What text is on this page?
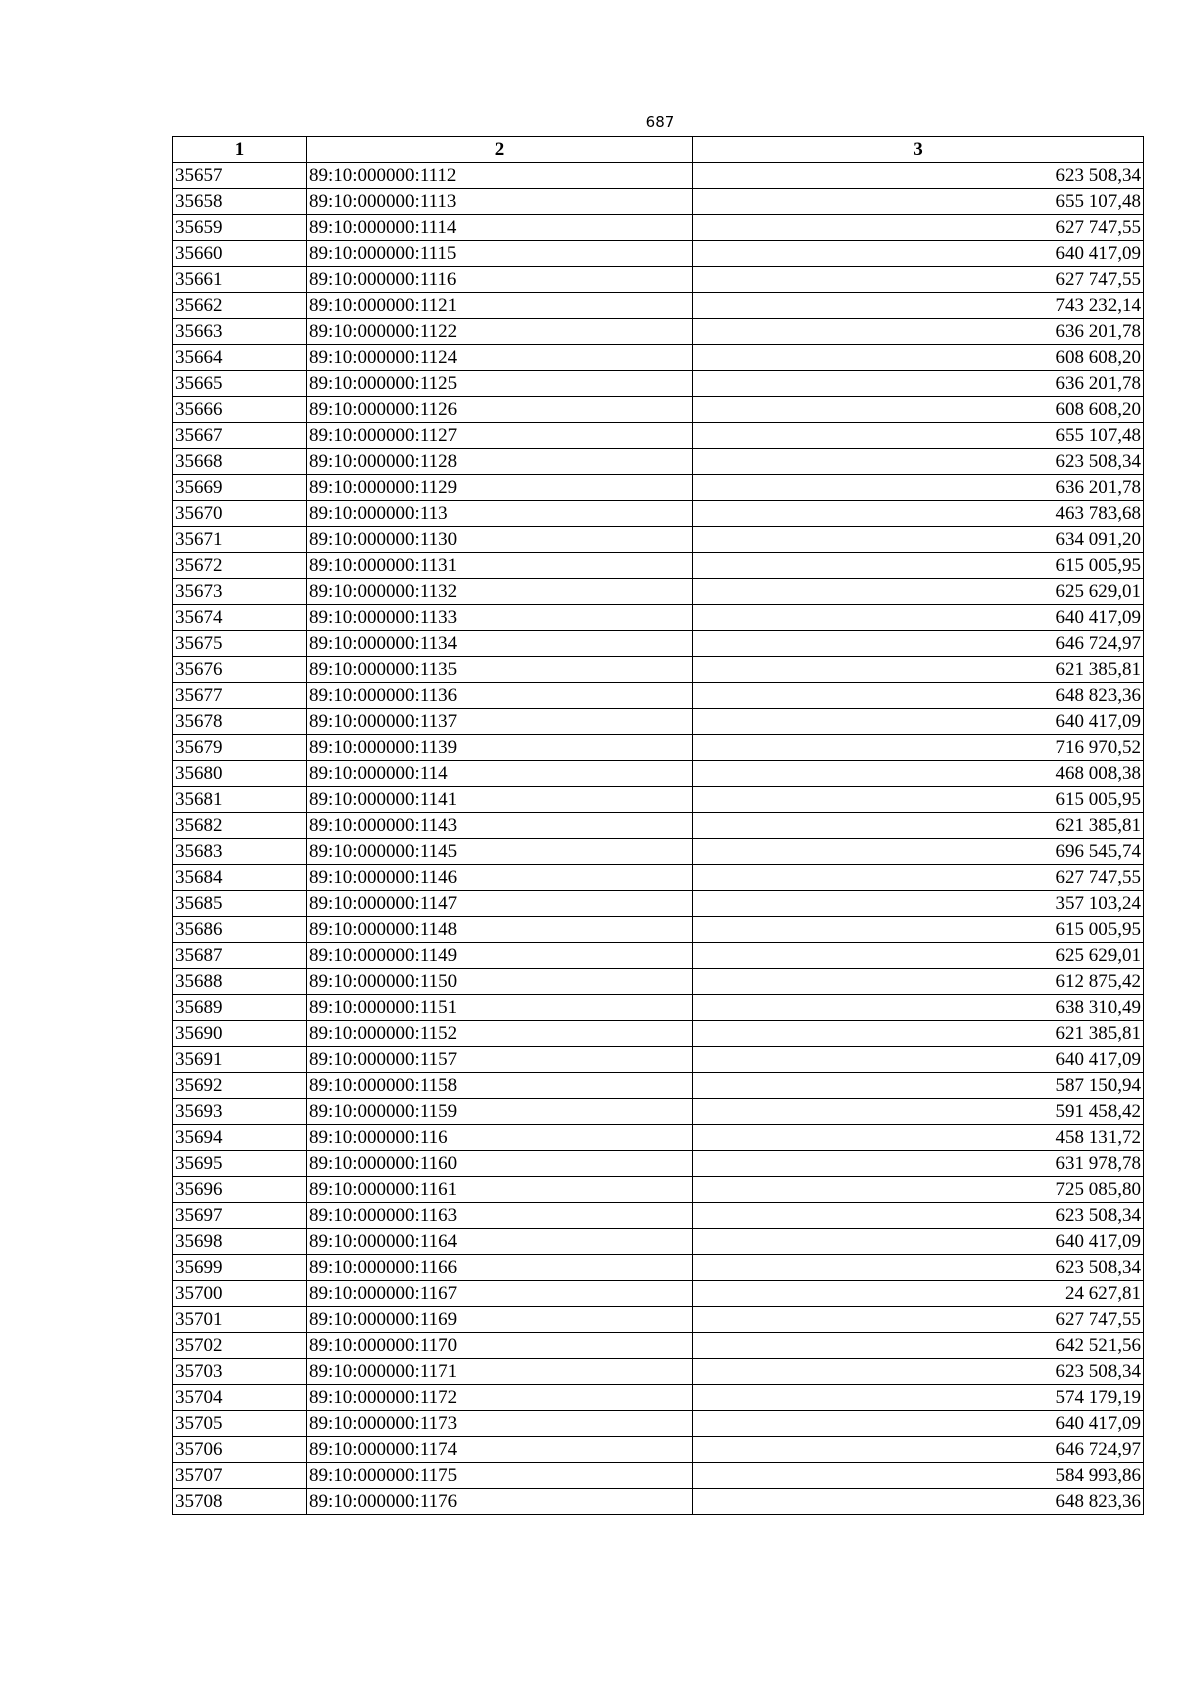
687
1	2	3
35657	89:10:000000:1112	623 508,34
35658	89:10:000000:1113	655 107,48
35659	89:10:000000:1114	627 747,55
35660	89:10:000000:1115	640 417,09
35661	89:10:000000:1116	627 747,55
35662	89:10:000000:1121	743 232,14
35663	89:10:000000:1122	636 201,78
35664	89:10:000000:1124	608 608,20
35665	89:10:000000:1125	636 201,78
35666	89:10:000000:1126	608 608,20
35667	89:10:000000:1127	655 107,48
35668	89:10:000000:1128	623 508,34
35669	89:10:000000:1129	636 201,78
35670	89:10:000000:113	463 783,68
35671	89:10:000000:1130	634 091,20
35672	89:10:000000:1131	615 005,95
35673	89:10:000000:1132	625 629,01
35674	89:10:000000:1133	640 417,09
35675	89:10:000000:1134	646 724,97
35676	89:10:000000:1135	621 385,81
35677	89:10:000000:1136	648 823,36
35678	89:10:000000:1137	640 417,09
35679	89:10:000000:1139	716 970,52
35680	89:10:000000:114	468 008,38
35681	89:10:000000:1141	615 005,95
35682	89:10:000000:1143	621 385,81
35683	89:10:000000:1145	696 545,74
35684	89:10:000000:1146	627 747,55
35685	89:10:000000:1147	357 103,24
35686	89:10:000000:1148	615 005,95
35687	89:10:000000:1149	625 629,01
35688	89:10:000000:1150	612 875,42
35689	89:10:000000:1151	638 310,49
35690	89:10:000000:1152	621 385,81
35691	89:10:000000:1157	640 417,09
35692	89:10:000000:1158	587 150,94
35693	89:10:000000:1159	591 458,42
35694	89:10:000000:116	458 131,72
35695	89:10:000000:1160	631 978,78
35696	89:10:000000:1161	725 085,80
35697	89:10:000000:1163	623 508,34
35698	89:10:000000:1164	640 417,09
35699	89:10:000000:1166	623 508,34
35700	89:10:000000:1167	24 627,81
35701	89:10:000000:1169	627 747,55
35702	89:10:000000:1170	642 521,56
35703	89:10:000000:1171	623 508,34
35704	89:10:000000:1172	574 179,19
35705	89:10:000000:1173	640 417,09
35706	89:10:000000:1174	646 724,97
35707	89:10:000000:1175	584 993,86
35708	89:10:000000:1176	648 823,36
